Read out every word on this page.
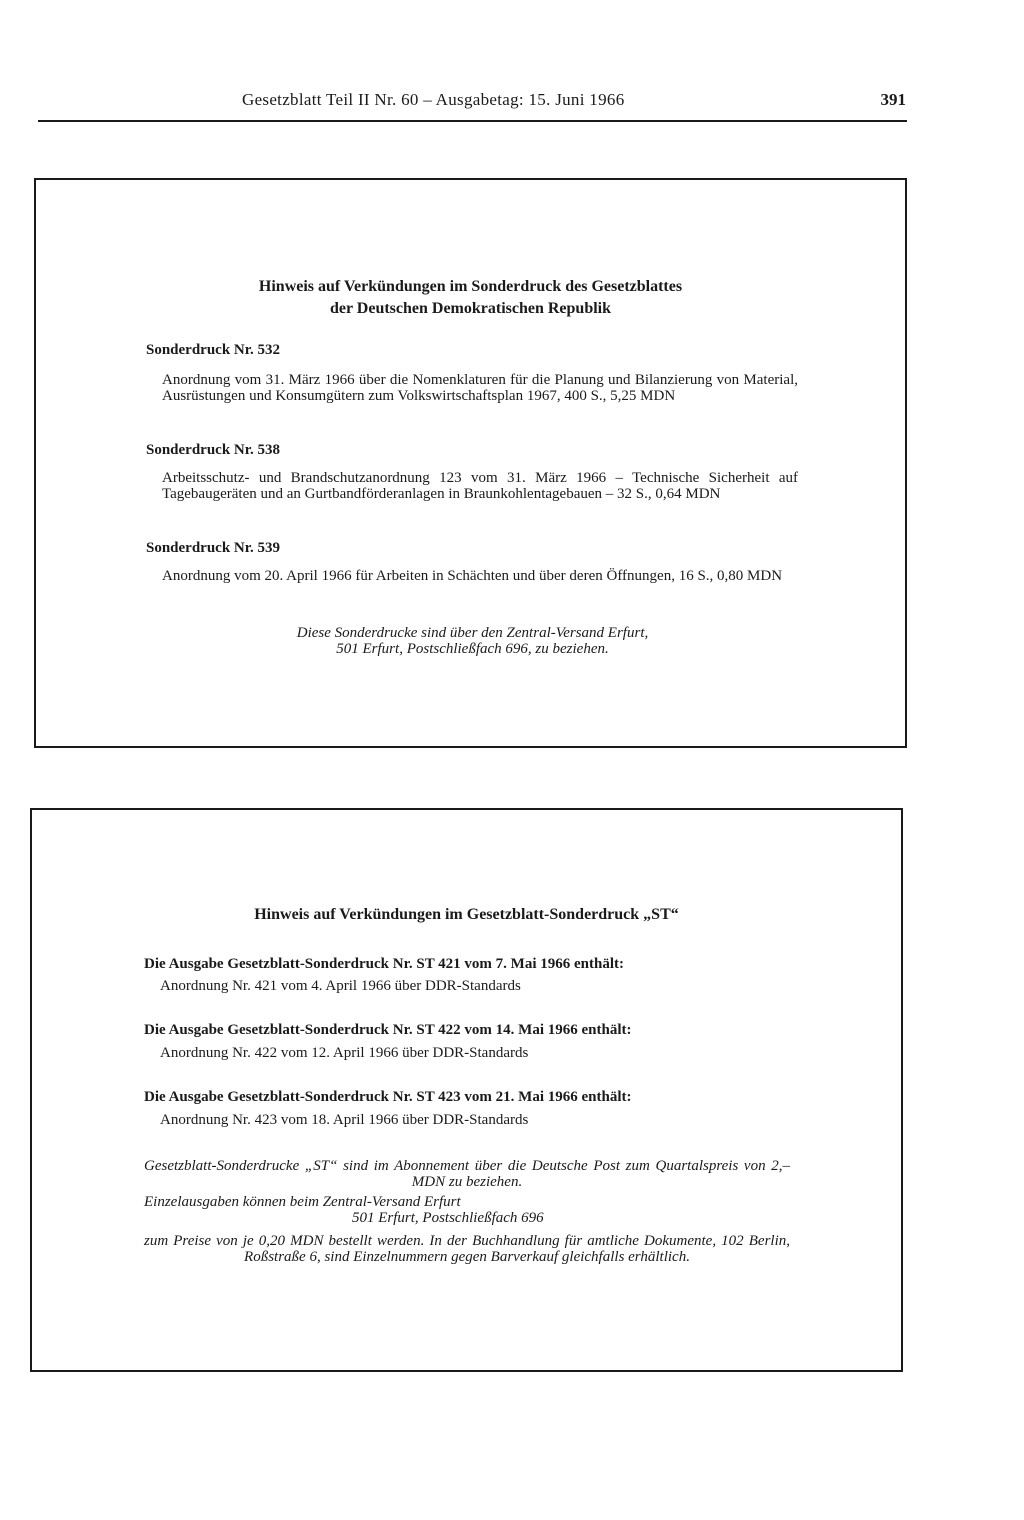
Gesetzblatt Teil II Nr. 60 – Ausgabetag: 15. Juni 1966	391
Hinweis auf Verkündungen im Sonderdruck des Gesetzblattes
der Deutschen Demokratischen Republik
Sonderdruck Nr. 532
Anordnung vom 31. März 1966 über die Nomenklaturen für die Planung und Bilanzierung von Material, Ausrüstungen und Konsumgütern zum Volkswirtschaftsplan 1967, 400 S., 5,25 MDN
Sonderdruck Nr. 538
Arbeitsschutz- und Brandschutzanordnung 123 vom 31. März 1966 – Technische Sicherheit auf Tagebaugeräten und an Gurtbandförderanlagen in Braunkohlentagebauen – 32 S., 0,64 MDN
Sonderdruck Nr. 539
Anordnung vom 20. April 1966 für Arbeiten in Schächten und über deren Öffnungen, 16 S., 0,80 MDN
Diese Sonderdrucke sind über den Zentral-Versand Erfurt,
501 Erfurt, Postschließfach 696, zu beziehen.
Hinweis auf Verkündungen im Gesetzblatt-Sonderdruck „ST“
Die Ausgabe Gesetzblatt-Sonderdruck Nr. ST 421 vom 7. Mai 1966 enthält:
Anordnung Nr. 421 vom 4. April 1966 über DDR-Standards
Die Ausgabe Gesetzblatt-Sonderdruck Nr. ST 422 vom 14. Mai 1966 enthält:
Anordnung Nr. 422 vom 12. April 1966 über DDR-Standards
Die Ausgabe Gesetzblatt-Sonderdruck Nr. ST 423 vom 21. Mai 1966 enthält:
Anordnung Nr. 423 vom 18. April 1966 über DDR-Standards
Gesetzblatt-Sonderdrucke „ST“ sind im Abonnement über die Deutsche Post zum Quartalspreis von 2,– MDN zu beziehen.
Einzelausgaben können beim Zentral-Versand Erfurt
501 Erfurt, Postschließfach 696
zum Preise von je 0,20 MDN bestellt werden. In der Buchhandlung für amtliche Dokumente, 102 Berlin, Roßstraße 6, sind Einzelnummern gegen Barverkauf gleichfalls erhältlich.
